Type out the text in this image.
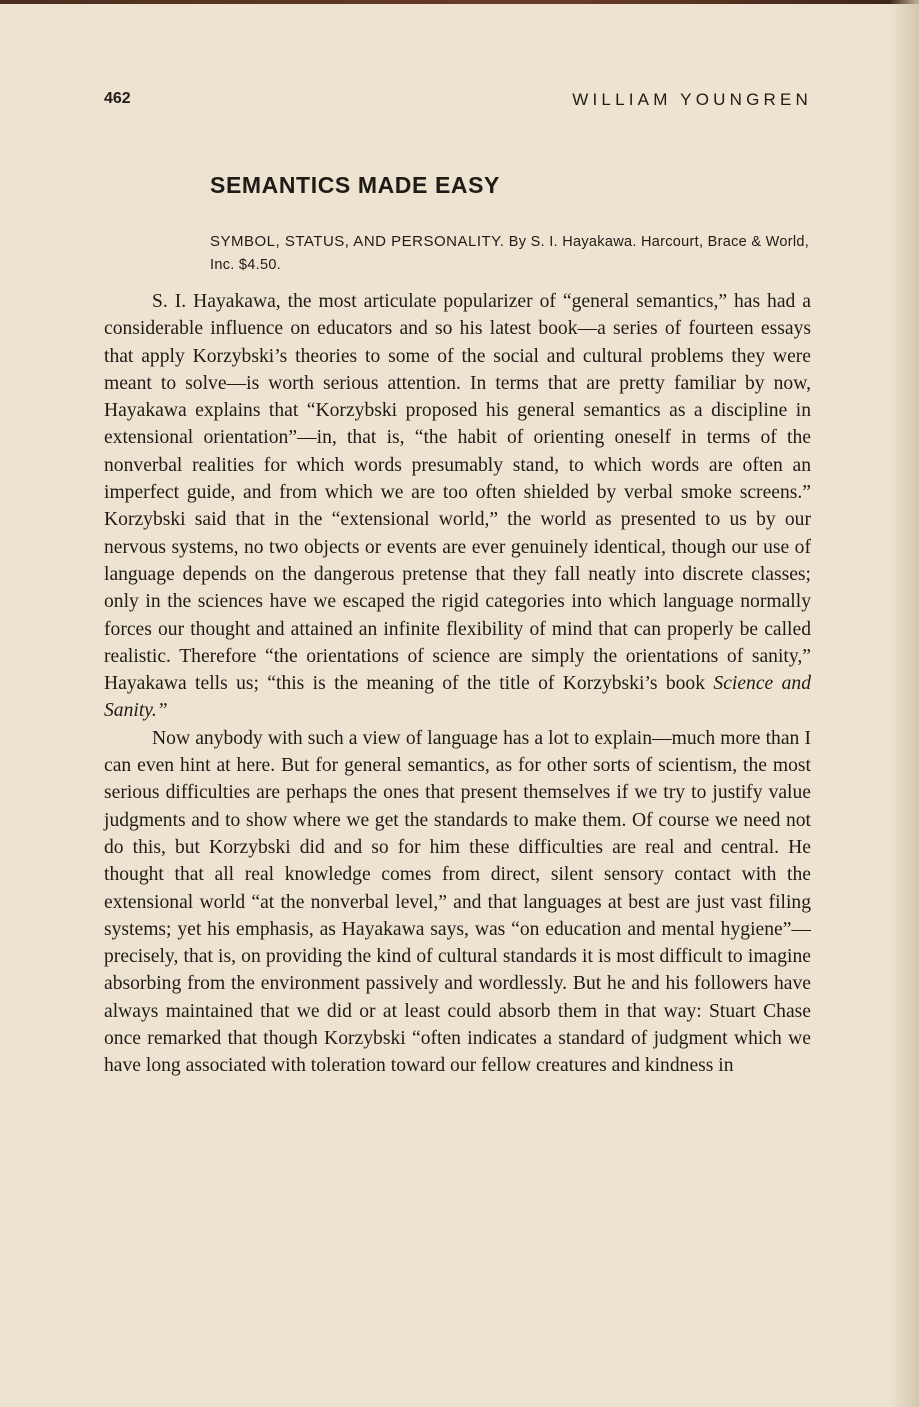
462	WILLIAM YOUNGREN
SEMANTICS MADE EASY
SYMBOL, STATUS, AND PERSONALITY. By S. I. Hayakawa. Harcourt, Brace & World, Inc. $4.50.

S. I. Hayakawa, the most articulate popularizer of “general semantics,” has had a considerable influence on educators and so his latest book—a series of fourteen essays that apply Korzybski’s theories to some of the social and cultural problems they were meant to solve—is worth serious attention. In terms that are pretty familiar by now, Hayakawa explains that “Korzybski proposed his general semantics as a discipline in extensional orientation”—in, that is, “the habit of orienting oneself in terms of the nonverbal realities for which words presumably stand, to which words are often an imperfect guide, and from which we are too often shielded by verbal smoke screens.” Korzybski said that in the “extensional world,” the world as presented to us by our nervous systems, no two objects or events are ever genuinely identical, though our use of language depends on the dangerous pretense that they fall neatly into discrete classes; only in the sciences have we escaped the rigid categories into which language normally forces our thought and attained an infinite flexibility of mind that can properly be called realistic. Therefore “the orientations of science are simply the orientations of sanity,” Hayakawa tells us; “this is the meaning of the title of Korzybski’s book Science and Sanity.”

Now anybody with such a view of language has a lot to explain—much more than I can even hint at here. But for general semantics, as for other sorts of scientism, the most serious difficulties are perhaps the ones that present themselves if we try to justify value judgments and to show where we get the standards to make them. Of course we need not do this, but Korzybski did and so for him these difficulties are real and central. He thought that all real knowledge comes from direct, silent sensory contact with the extensional world “at the nonverbal level,” and that languages at best are just vast filing systems; yet his emphasis, as Hayakawa says, was “on education and mental hygiene”—precisely, that is, on providing the kind of cultural standards it is most difficult to imagine absorbing from the environment passively and wordlessly. But he and his followers have always maintained that we did or at least could absorb them in that way: Stuart Chase once remarked that though Korzybski “often indicates a standard of judgment which we have long associated with toleration toward our fellow creatures and kindness in
